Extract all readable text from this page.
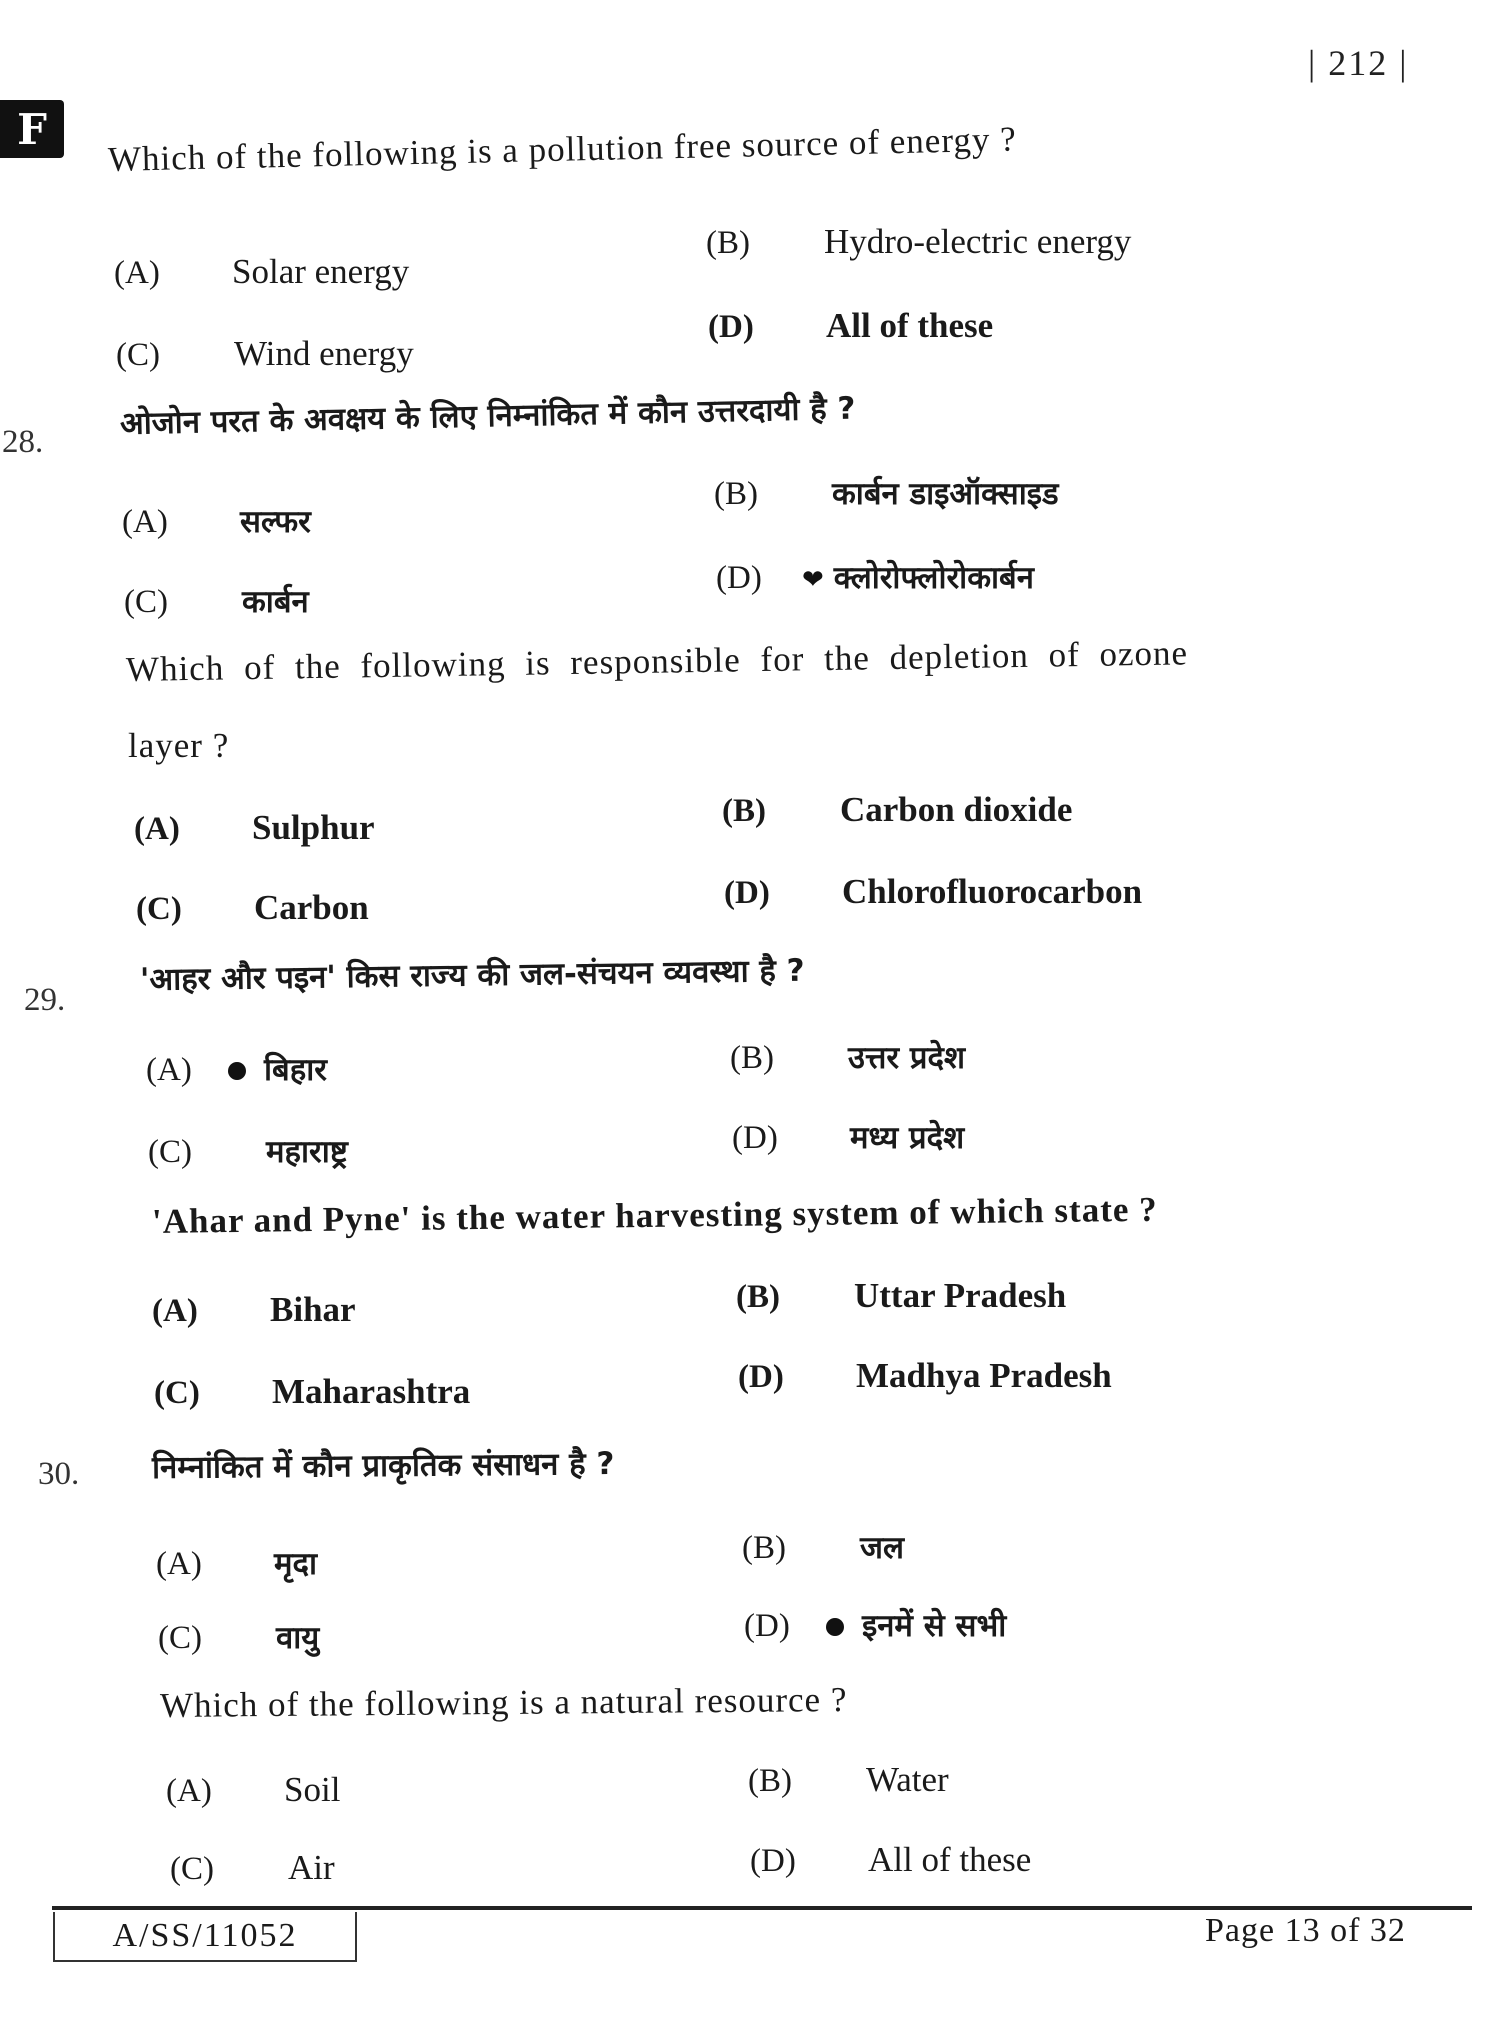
| 212 |
F	Which of the following is a pollution free source of energy ?
(A)	Solar energy
(B)	Hydro-electric energy
(C)	Wind energy
(D)	All of these
28.
ओजोन परत के अवक्षय के लिए निम्नांकित में कौन उत्तरदायी है ?
(A)	सल्फर
(B)	कार्बन डाइऑक्साइड
(C)	कार्बन
(D)	❤ क्लोरोफ्लोरोकार्बन
Which of the following is responsible for the depletion of ozone
layer ?
(A)	Sulphur	(B)	Carbon dioxide
(C)	Carbon	(D)	Chlorofluorocarbon
29.
'आहर और पइन' किस राज्य की जल-संचयन व्यवस्था है ?
(A)	बिहार	(B)	उत्तर प्रदेश
(C)	महाराष्ट्र	(D)	मध्य प्रदेश
'Ahar and Pyne' is the water harvesting system of which state ?
(A)	Bihar	(B)	Uttar Pradesh
(C)	Maharashtra	(D)	Madhya Pradesh
30. निम्नांकित में कौन प्राकृतिक संसाधन है ?
(A)	मृदा	(B)	जल
(C)	वायु	(D)	इनमें से सभी
Which of the following is a natural resource ?
(A)	Soil	(B)	Water
(C)	Air	(D)	All of these
A/SS/11052	Page 13 of 32
